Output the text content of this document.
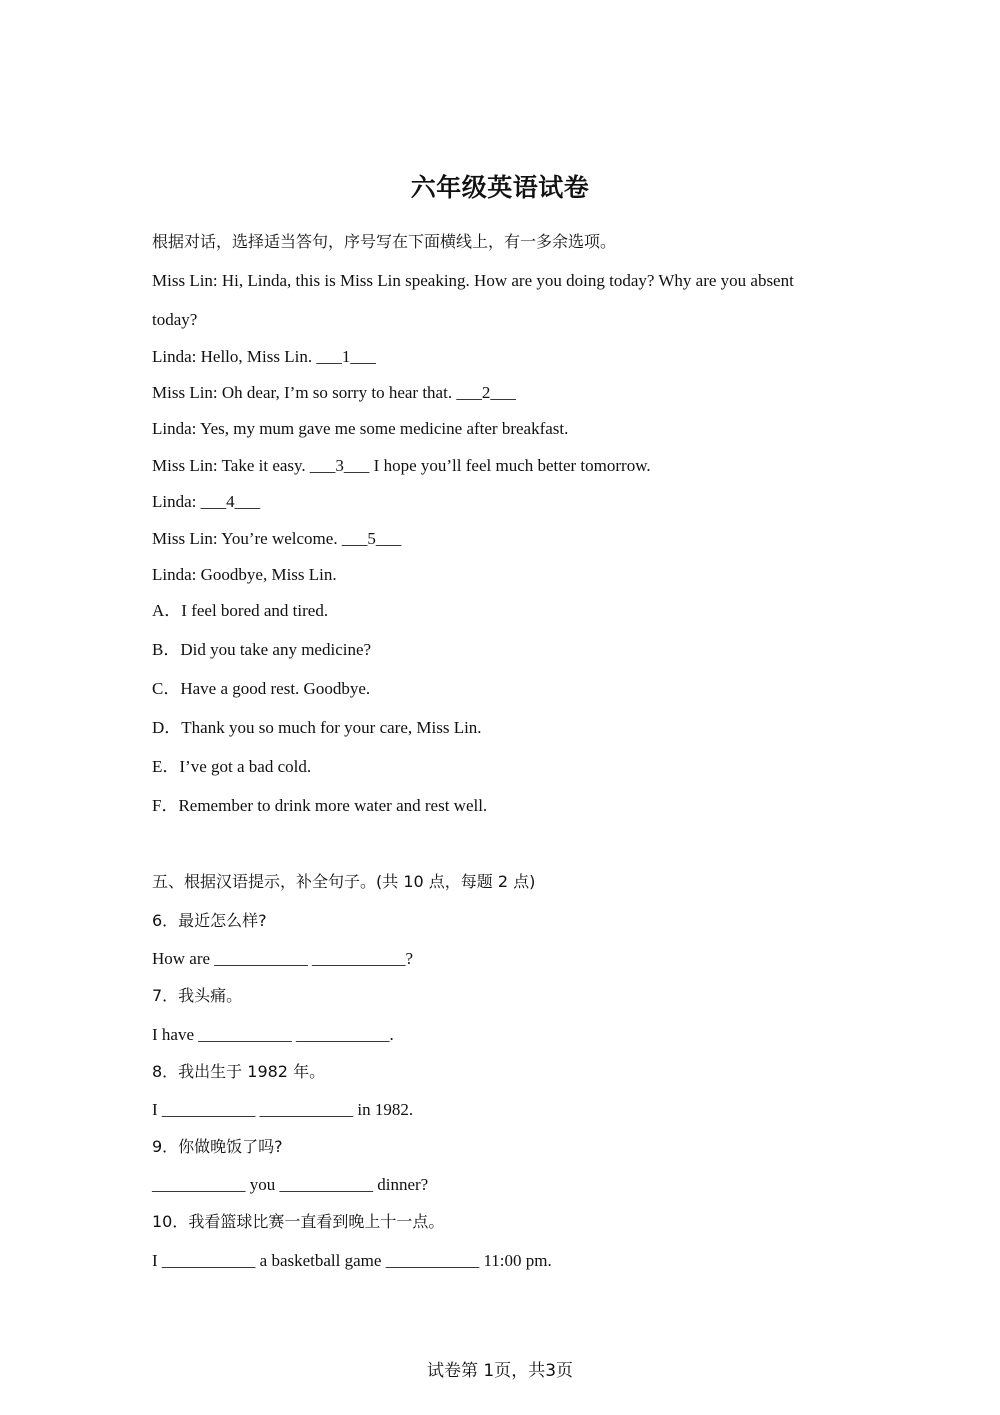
六年级英语试卷
根据对话，选择适当答句，序号写在下面横线上，有一多余选项。
Miss Lin: Hi, Linda, this is Miss Lin speaking. How are you doing today? Why are you absent
today?
Linda: Hello, Miss Lin. ___1___
Miss Lin: Oh dear, I’m so sorry to hear that. ___2___
Linda: Yes, my mum gave me some medicine after breakfast.
Miss Lin: Take it easy. ___3___ I hope you’ll feel much better tomorrow.
Linda: ___4___
Miss Lin: You’re welcome. ___5___
Linda: Goodbye, Miss Lin.
A．I feel bored and tired.
B．Did you take any medicine?
C．Have a good rest. Goodbye.
D．Thank you so much for your care, Miss Lin.
E．I’ve got a bad cold.
F．Remember to drink more water and rest well.
五、根据汉语提示，补全句子。(共 10 点，每题 2 点)
6．最近怎么样?
How are ___________ ___________?
7．我头痛。
I have ___________ ___________.
8．我出生于 1982 年。
I ___________ ___________ in 1982.
9．你做晚饭了吗?
___________ you ___________ dinner?
10．我看篮球比赛一直看到晚上十一点。
I ___________ a basketball game ___________ 11:00 pm.
试卷第 1页，共3页
